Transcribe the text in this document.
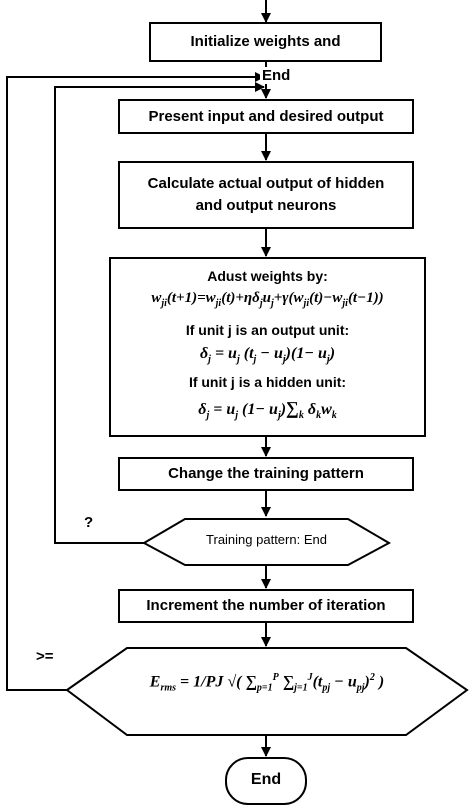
Initialize weights and
End
Present input and desired output
Calculate actual output of hidden
and output neurons
Adust weights by:
$w_{ji}(t+1)=w_{ji}(t)+\eta\delta_ju_j+\gamma(w_{ji}(t)-w_{ji}(t-1))$
If unit j is an output unit:
$\delta_j = u_j$ $(t_j - u_j)(1- u_j)$
If unit j is a hidden unit:
$\delta_j = u_j$ $(1- u_j)\sum_k$ $\delta_kw_k$
Change the training pattern
Training pattern: End
Increment the number of iteration
$E_{rms} = 1/PJ$ √( $\sum_{p=1}^P$ $\sum_{j=1}^J(t_{pj} - u_{pj})^2$ )
End
?
>=
